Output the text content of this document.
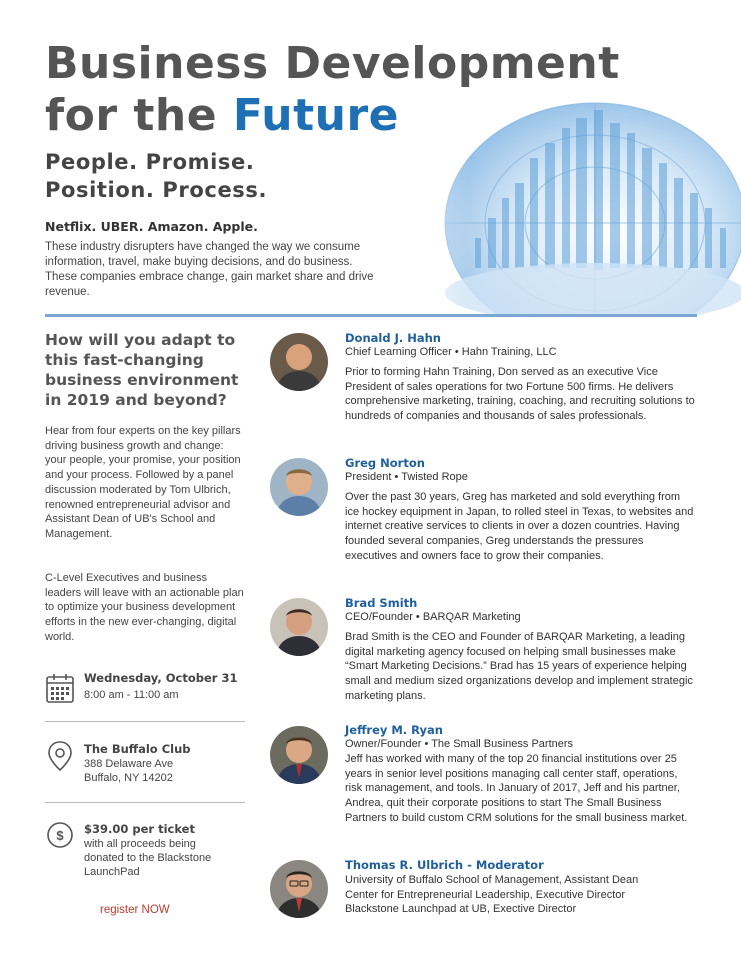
Business Development
for the Future
People. Promise.
Position. Process.
Netflix. UBER. Amazon. Apple.

These industry disrupters have changed the way we consume information, travel, make buying decisions, and do business. These companies embrace change, gain market share and drive revenue.

How will you adapt to this fast-changing business environment in 2019 and beyond?

Hear from four experts on the key pillars driving business growth and change: your people, your promise, your position and your process. Followed by a panel discussion moderated by Tom Ulbrich, renowned entrepreneurial advisor and Assistant Dean of UB's School and Management.

C-Level Executives and business leaders will leave with an actionable plan to optimize your business development efforts in the new ever-changing, digital world.

Wednesday, October 31
8:00 am - 11:00 am
The Buffalo Club
388 Delaware Ave
Buffalo, NY 14202
$ $39.00 per ticket
with all proceeds being
donated to the Blackstone
LaunchPad
register NOW
Donald J. Hahn
Chief Learning Officer • Hahn Training, LLC

Prior to forming Hahn Training, Don served as an executive Vice President of sales operations for two Fortune 500 firms. He delivers comprehensive marketing, training, coaching, and recruiting solutions to hundreds of companies and thousands of sales professionals.

Greg Norton
President • Twisted Rope

Over the past 30 years, Greg has marketed and sold everything from ice hockey equipment in Japan, to rolled steel in Texas, to websites and internet creative services to clients in over a dozen countries. Having founded several companies, Greg understands the pressures executives and owners face to grow their companies.

Brad Smith
CEO/Founder • BARQAR Marketing

Brad Smith is the CEO and Founder of BARQAR Marketing, a leading digital marketing agency focused on helping small businesses make “Smart Marketing Decisions.” Brad has 15 years of experience helping small and medium sized organizations develop and implement strategic marketing plans.

Jeffrey M. Ryan
Owner/Founder • The Small Business Partners

Jeff has worked with many of the top 20 financial institutions over 25 years in senior level positions managing call center staff, operations, risk management, and tools. In January of 2017, Jeff and his partner, Andrea, quit their corporate positions to start The Small Business Partners to build custom CRM solutions for the small business market.

Thomas R. Ulbrich - Moderator
University of Buffalo School of Management, Assistant Dean
Center for Entrepreneurial Leadership, Executive Director
Blackstone Launchpad at UB, Exective Director
